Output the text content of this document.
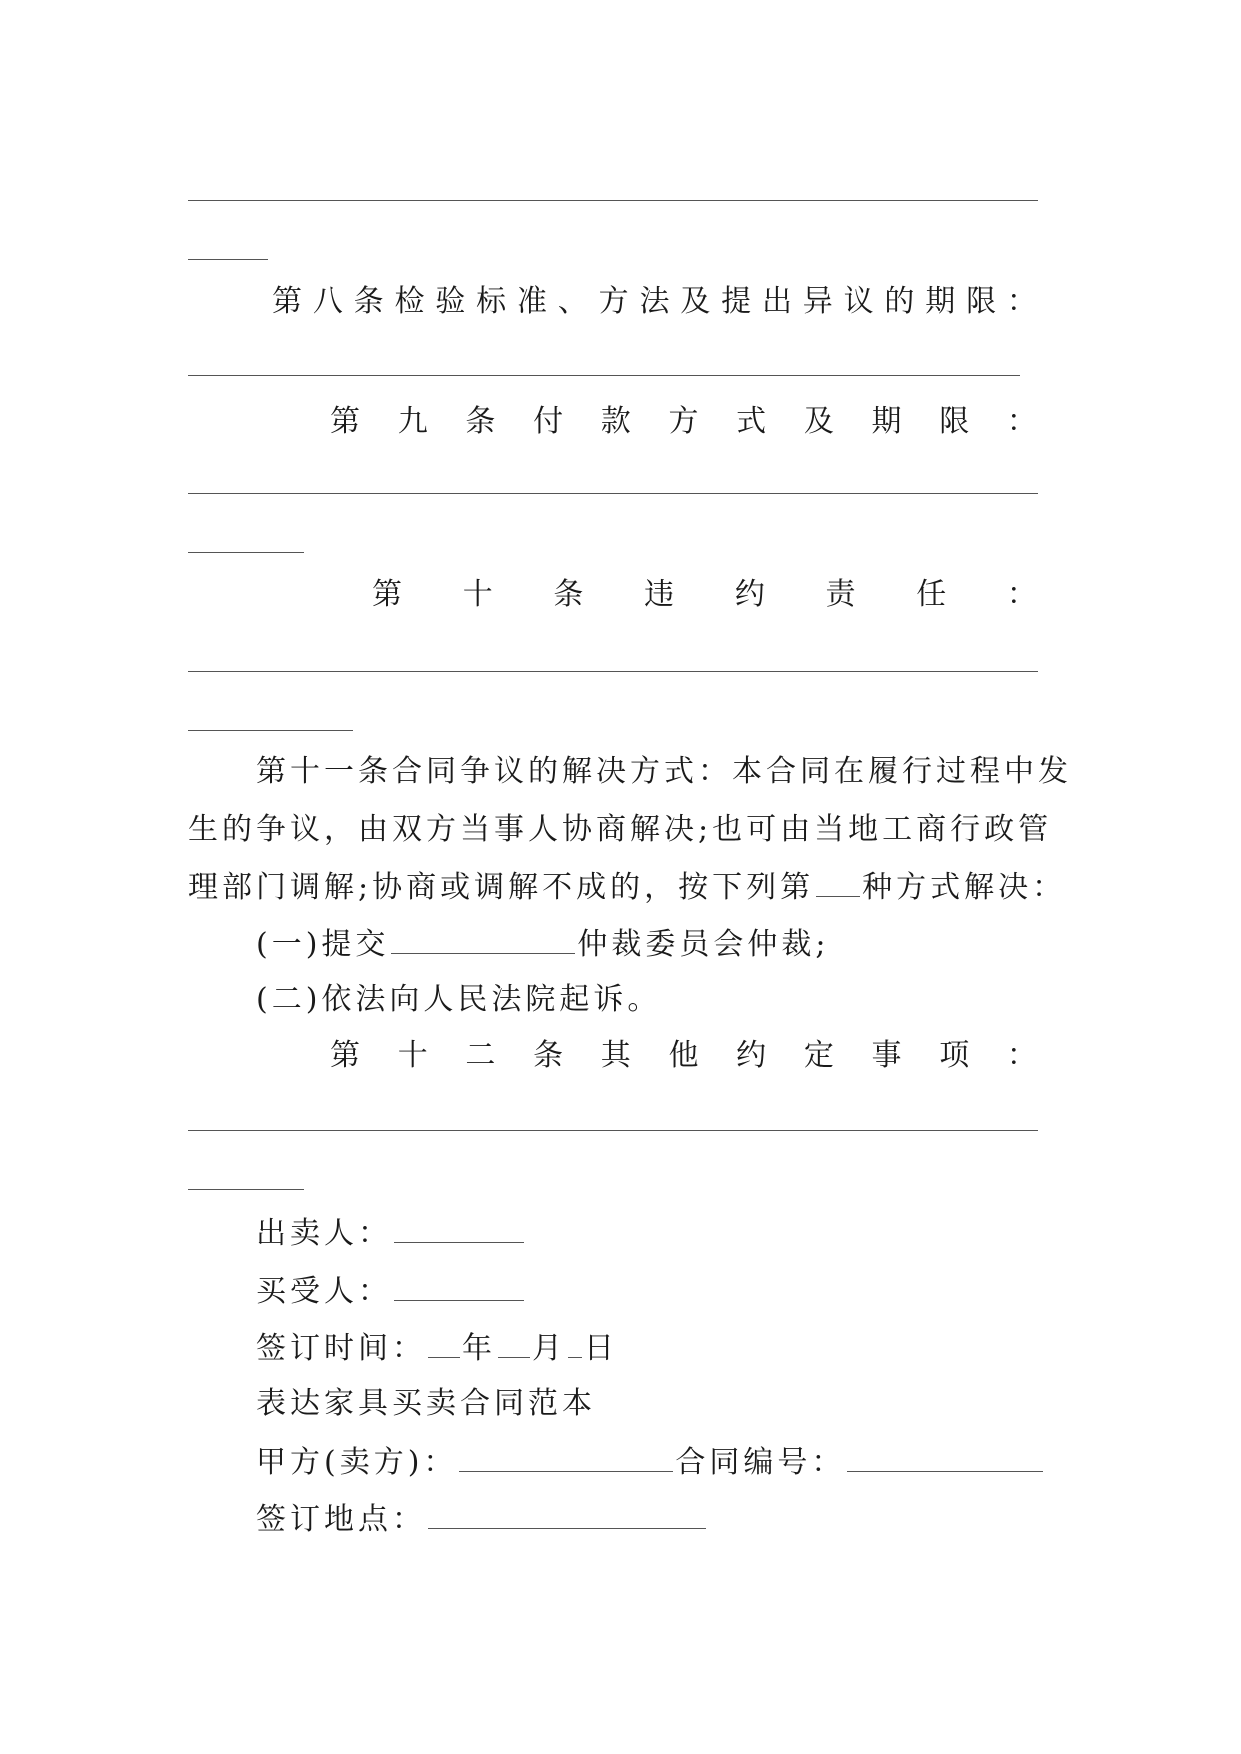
第 八 条 检 验 标 准 、 方 法 及 提 出 异 议 的 期 限 ：
第 九 条 付 款 方 式 及 期 限 ：
第 十 条 违 约 责 任 ：
第十一条合同争议的解决方式：本合同在履行过程中发
生的争议，由双方当事人协商解决;也可由当地工商行政管
理部门调解;协商或调解不成的，按下列第 种方式解决：
(一)提交	仲裁委员会仲裁;
(二)依法向人民法院起诉。
第 十 二 条 其 他 约 定 事 项 ：
出卖人：
买受人：
签订时间： 年 月 日
表达家具买卖合同范本
甲方(卖方)：	合同编号：
签订地点：
